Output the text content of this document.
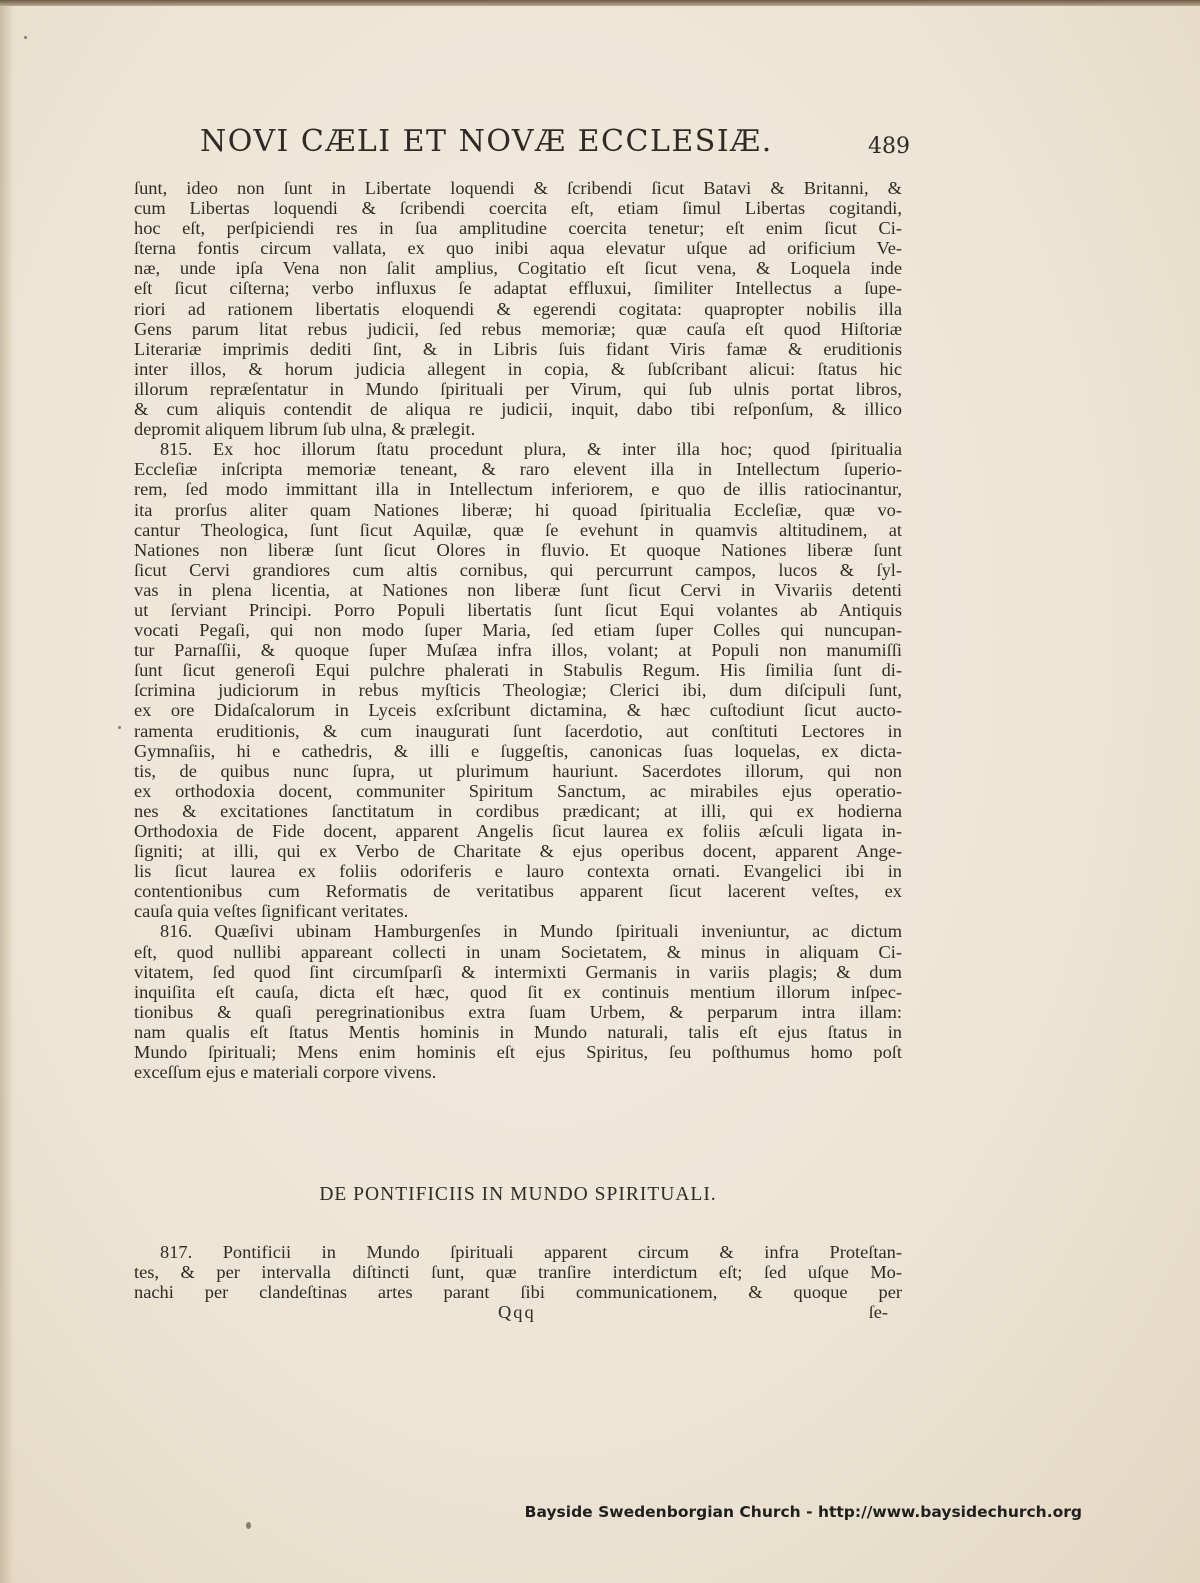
NOVI CÆLI ET NOVÆ ECCLESIÆ.	489

ſunt, ideo non ſunt in Libertate loquendi & ſcribendi ſicut Batavi & Britanni, &
cum Libertas loquendi & ſcribendi coercita eſt, etiam ſimul Libertas cogitandi,
hoc eſt, perſpiciendi res in ſua amplitudine coercita tenetur; eſt enim ſicut Ci-
ſterna fontis circum vallata, ex quo inibi aqua elevatur uſque ad orificium Ve-
næ, unde ipſa Vena non ſalit amplius, Cogitatio eſt ſicut vena, & Loquela inde
eſt ſicut ciſterna; verbo influxus ſe adaptat effluxui, ſimiliter Intellectus a ſupe-
riori ad rationem libertatis eloquendi & egerendi cogitata: quapropter nobilis illa
Gens parum litat rebus judicii, ſed rebus memoriæ; quæ cauſa eſt quod Hiſtoriæ
Literariæ imprimis dediti ſint, & in Libris ſuis fidant Viris famæ & eruditionis
inter illos, & horum judicia allegent in copia, & ſubſcribant alicui: ſtatus hic
illorum repræſentatur in Mundo ſpirituali per Virum, qui ſub ulnis portat libros,
& cum aliquis contendit de aliqua re judicii, inquit, dabo tibi reſponſum, & illico
depromit aliquem librum ſub ulna, & prælegit.

815. Ex hoc illorum ſtatu procedunt plura, & inter illa hoc; quod ſpiritualia
Eccleſiæ inſcripta memoriæ teneant, & raro elevent illa in Intellectum ſuperio-
rem, ſed modo immittant illa in Intellectum inferiorem, e quo de illis ratiocinantur,
ita prorſus aliter quam Nationes liberæ; hi quoad ſpiritualia Eccleſiæ, quæ vo-
cantur Theologica, ſunt ſicut Aquilæ, quæ ſe evehunt in quamvis altitudinem, at
Nationes non liberæ ſunt ſicut Olores in fluvio. Et quoque Nationes liberæ ſunt
ſicut Cervi grandiores cum altis cornibus, qui percurrunt campos, lucos & ſyl-
vas in plena licentia, at Nationes non liberæ ſunt ſicut Cervi in Vivariis detenti
ut ſerviant Principi. Porro Populi libertatis ſunt ſicut Equi volantes ab Antiquis
vocati Pegaſi, qui non modo ſuper Maria, ſed etiam ſuper Colles qui nuncupan-
tur Parnaſſii, & quoque ſuper Muſæa infra illos, volant; at Populi non manumiſſi
ſunt ſicut generoſi Equi pulchre phalerati in Stabulis Regum. His ſimilia ſunt di-
ſcrimina judiciorum in rebus myſticis Theologiæ; Clerici ibi, dum diſcipuli ſunt,
ex ore Didaſcalorum in Lyceis exſcribunt dictamina, & hæc cuſtodiunt ſicut aucto-
ramenta eruditionis, & cum inaugurati ſunt ſacerdotio, aut conſtituti Lectores in
Gymnaſiis, hi e cathedris, & illi e ſuggeſtis, canonicas ſuas loquelas, ex dicta-
tis, de quibus nunc ſupra, ut plurimum hauriunt. Sacerdotes illorum, qui non
ex orthodoxia docent, communiter Spiritum Sanctum, ac mirabiles ejus operatio-
nes & excitationes ſanctitatum in cordibus prædicant; at illi, qui ex hodierna
Orthodoxia de Fide docent, apparent Angelis ſicut laurea ex foliis æſculi ligata in-
ſigniti; at illi, qui ex Verbo de Charitate & ejus operibus docent, apparent Ange-
lis ſicut laurea ex foliis odoriferis e lauro contexta ornati. Evangelici ibi in
contentionibus cum Reformatis de veritatibus apparent ſicut lacerent veſtes, ex
cauſa quia veſtes ſignificant veritates.

816. Quæſivi ubinam Hamburgenſes in Mundo ſpirituali inveniuntur, ac dictum
eſt, quod nullibi appareant collecti in unam Societatem, & minus in aliquam Ci-
vitatem, ſed quod ſint circumſparſi & intermixti Germanis in variis plagis; & dum
inquiſita eſt cauſa, dicta eſt hæc, quod ſit ex continuis mentium illorum inſpec-
tionibus & quaſi peregrinationibus extra ſuam Urbem, & perparum intra illam:
nam qualis eſt ſtatus Mentis hominis in Mundo naturali, talis eſt ejus ſtatus in
Mundo ſpirituali; Mens enim hominis eſt ejus Spiritus, ſeu poſthumus homo poſt
exceſſum ejus e materiali corpore vivens.

DE PONTIFICIIS IN MUNDO SPIRITUALI.

817. Pontificii in Mundo ſpirituali apparent circum & infra Proteſtan-
tes, & per intervalla diſtincti ſunt, quæ tranſire interdictum eſt; ſed uſque Mo-
nachi per clandeſtinas artes parant ſibi communicationem, & quoque per

Qqq	ſe-
Bayside Swedenborgian Church - http://www.baysidechurch.org
